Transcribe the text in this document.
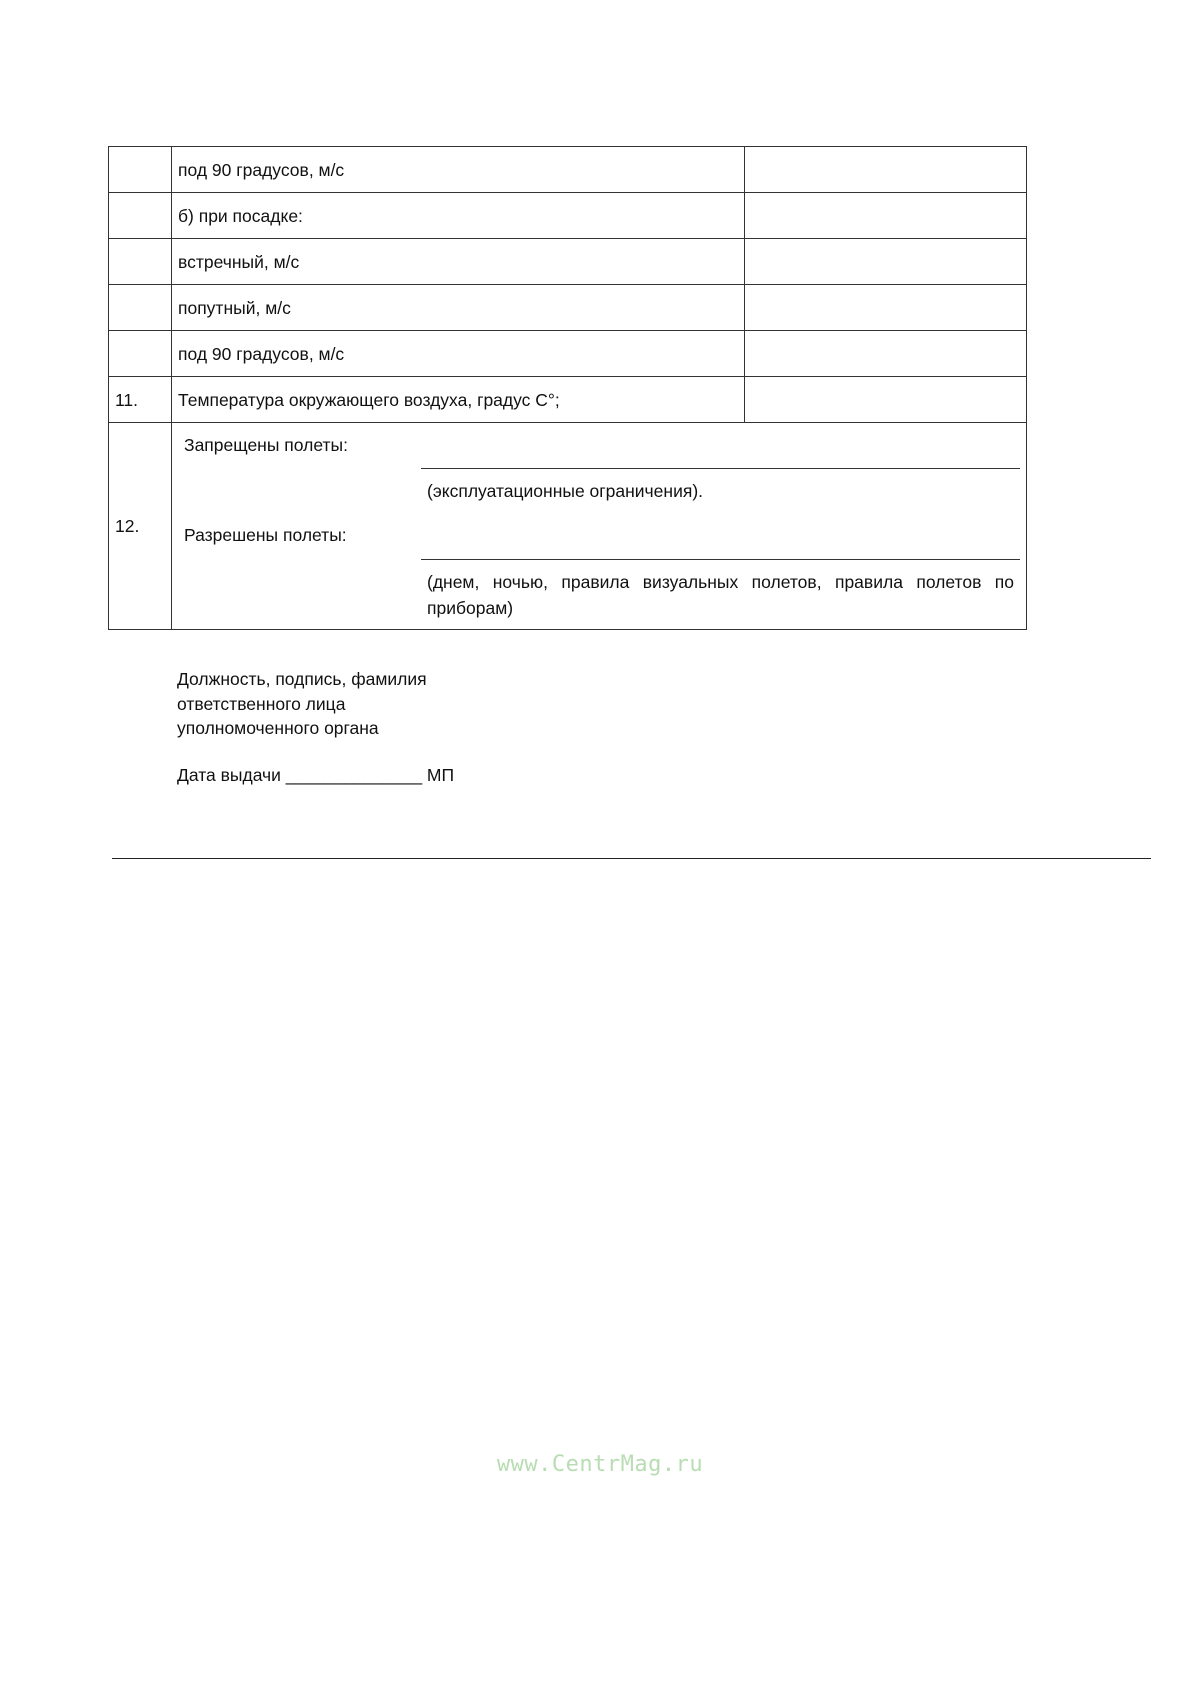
	под 90 градусов, м/с	
	б) при посадке:	
	встречный, м/с	
	попутный, м/с	
	под 90 градусов, м/с	
11.	Температура окружающего воздуха, градус С°;	
12.	Запрещены полеты:
(эксплуатационные ограничения).
Разрешены полеты:
(днем, ночью, правила визуальных полетов, правила полетов по приборам)	
Должность, подпись, фамилия
ответственного лица
уполномоченного органа
Дата выдачи ______________ МП
www.CentrMag.ru
